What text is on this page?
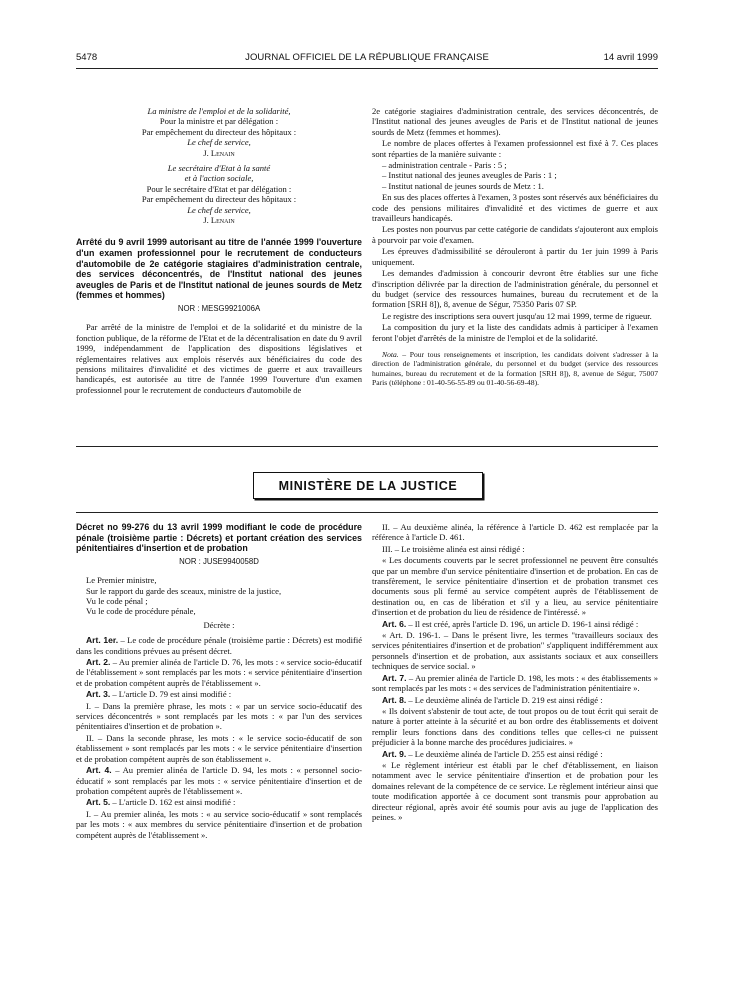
5478	JOURNAL OFFICIEL DE LA RÉPUBLIQUE FRANÇAISE	14 avril 1999

La ministre de l'emploi et de la solidarité,

Pour la ministre et par délégation :

Par empêchement du directeur des hôpitaux :

Le chef de service,

J. Lenain

Le secrétaire d'Etat à la santé

et à l'action sociale,

Pour le secrétaire d'Etat et par délégation :

Par empêchement du directeur des hôpitaux :

Le chef de service,

J. Lenain

Arrêté du 9 avril 1999 autorisant au titre de l'année 1999 l'ouverture d'un examen professionnel pour le recrutement de conducteurs d'automobile de 2e catégorie stagiaires d'administration centrale, des services déconcentrés, de l'Institut national des jeunes aveugles de Paris et de l'Institut national de jeunes sourds de Metz (femmes et hommes)

NOR : MESG9921006A

Par arrêté de la ministre de l'emploi et de la solidarité et du ministre de la fonction publique, de la réforme de l'Etat et de la décentralisation en date du 9 avril 1999, indépendamment de l'application des dispositions législatives et réglementaires relatives aux emplois réservés aux bénéficiaires du code des pensions militaires d'invalidité et des victimes de guerre et aux travailleurs handicapés, est autorisée au titre de l'année 1999 l'ouverture d'un examen professionnel pour le recrutement de conducteurs d'automobile de

2e catégorie stagiaires d'administration centrale, des services déconcentrés, de l'Institut national des jeunes aveugles de Paris et de l'Institut national de jeunes sourds de Metz (femmes et hommes).

Le nombre de places offertes à l'examen professionnel est fixé à 7. Ces places sont réparties de la manière suivante :

– administration centrale - Paris : 5 ;

– Institut national des jeunes aveugles de Paris : 1 ;

– Institut national de jeunes sourds de Metz : 1.

En sus des places offertes à l'examen, 3 postes sont réservés aux bénéficiaires du code des pensions militaires d'invalidité et des victimes de guerre et aux travailleurs handicapés.

Les postes non pourvus par cette catégorie de candidats s'ajouteront aux emplois à pourvoir par voie d'examen.

Les épreuves d'admissibilité se dérouleront à partir du 1er juin 1999 à Paris uniquement.

Les demandes d'admission à concourir devront être établies sur une fiche d'inscription délivrée par la direction de l'administration générale, du personnel et du budget (service des ressources humaines, bureau du recrutement et de la formation [SRH 8]), 8, avenue de Ségur, 75350 Paris 07 SP.

Le registre des inscriptions sera ouvert jusqu'au 12 mai 1999, terme de rigueur.

La composition du jury et la liste des candidats admis à participer à l'examen feront l'objet d'arrêtés de la ministre de l'emploi et de la solidarité.

Nota. – Pour tous renseignements et inscription, les candidats doivent s'adresser à la direction de l'administration générale, du personnel et du budget (service des ressources humaines, bureau du recrutement et de la formation [SRH 8]), 8, avenue de Ségur, 75007 Paris (téléphone : 01-40-56-55-89 ou 01-40-56-69-48).

MINISTÈRE DE LA JUSTICE

Décret no 99-276 du 13 avril 1999 modifiant le code de procédure pénale (troisième partie : Décrets) et portant création des services pénitentiaires d'insertion et de probation

NOR : JUSE9940058D

Le Premier ministre,

Sur le rapport du garde des sceaux, ministre de la justice,

Vu le code pénal ;

Vu le code de procédure pénale,

Décrète :

Art. 1er. – Le code de procédure pénale (troisième partie : Décrets) est modifié dans les conditions prévues au présent décret.

Art. 2. – Au premier alinéa de l'article D. 76, les mots : « service socio-éducatif de l'établissement » sont remplacés par les mots : « service pénitentiaire d'insertion et de probation compétent auprès de l'établissement ».

Art. 3. – L'article D. 79 est ainsi modifié :

I. – Dans la première phrase, les mots : « par un service socio-éducatif des services déconcentrés » sont remplacés par les mots : « par l'un des services pénitentiaires d'insertion et de probation ».

II. – Dans la seconde phrase, les mots : « le service socio-éducatif de son établissement » sont remplacés par les mots : « le service pénitentiaire d'insertion et de probation compétent auprès de son établissement ».

Art. 4. – Au premier alinéa de l'article D. 94, les mots : « personnel socio-éducatif » sont remplacés par les mots : « service pénitentiaire d'insertion et de probation compétent auprès de l'établissement ».

Art. 5. – L'article D. 162 est ainsi modifié :

I. – Au premier alinéa, les mots : « au service socio-éducatif » sont remplacés par les mots : « aux membres du service pénitentiaire d'insertion et de probation compétent auprès de l'établissement ».

II. – Au deuxième alinéa, la référence à l'article D. 462 est remplacée par la référence à l'article D. 461.

III. – Le troisième alinéa est ainsi rédigé :

« Les documents couverts par le secret professionnel ne peuvent être consultés que par un membre d'un service pénitentiaire d'insertion et de probation. En cas de transfèrement, le service pénitentiaire d'insertion et de probation transmet ces documents sous pli fermé au service compétent auprès de l'établissement de destination ou, en cas de libération et s'il y a lieu, au service pénitentiaire d'insertion et de probation du lieu de résidence de l'intéressé. »

Art. 6. – Il est créé, après l'article D. 196, un article D. 196-1 ainsi rédigé :

« Art. D. 196-1. – Dans le présent livre, les termes "travailleurs sociaux des services pénitentiaires d'insertion et de probation" s'appliquent indifféremment aux personnels d'insertion et de probation, aux assistants sociaux et aux conseillers techniques de service social. »

Art. 7. – Au premier alinéa de l'article D. 198, les mots : « des établissements » sont remplacés par les mots : « des services de l'administration pénitentiaire ».

Art. 8. – Le deuxième alinéa de l'article D. 219 est ainsi rédigé :

« Ils doivent s'abstenir de tout acte, de tout propos ou de tout écrit qui serait de nature à porter atteinte à la sécurité et au bon ordre des établissements et doivent remplir leurs fonctions dans des conditions telles que celles-ci ne puissent préjudicier à la bonne marche des procédures judiciaires. »

Art. 9. – Le deuxième alinéa de l'article D. 255 est ainsi rédigé :

« Le règlement intérieur est établi par le chef d'établissement, en liaison notamment avec le service pénitentiaire d'insertion et de probation pour les domaines relevant de la compétence de ce service. Le règlement intérieur ainsi que toute modification apportée à ce document sont transmis pour approbation au directeur régional, après avoir été soumis pour avis au juge de l'application des peines. »
